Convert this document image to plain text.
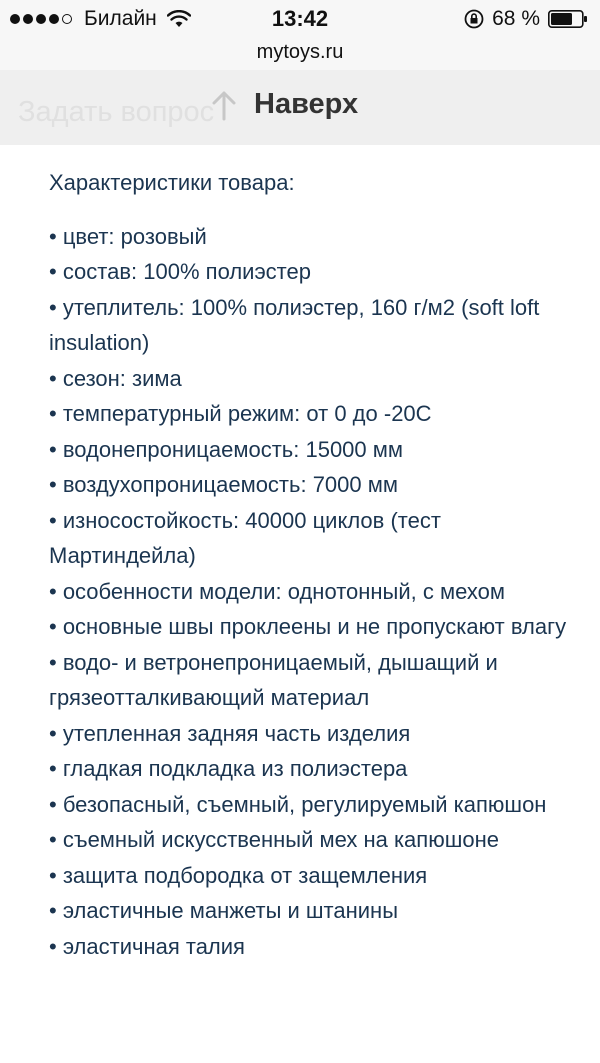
Билайн	13:42	68 %
mytoys.ru
Задать вопрос Наверх
Характеристики товара:
• цвет: розовый
• состав: 100% полиэстер
• утеплитель: 100% полиэстер, 160 г/м2 (soft loft insulation)
• сезон: зима
• температурный режим: от 0 до -20С
• водонепроницаемость: 15000 мм
• воздухопроницаемость: 7000 мм
• износостойкость: 40000 циклов (тест Мартиндейла)
• особенности модели: однотонный, с мехом
• основные швы проклеены и не пропускают влагу
• водо- и ветронепроницаемый, дышащий и грязеотталкивающий материал
• утепленная задняя часть изделия
• гладкая подкладка из полиэстера
• безопасный, съемный, регулируемый капюшон
• съемный искусственный мех на капюшоне
• защита подбородка от защемления
• эластичные манжеты и штанины
• эластичная талия
